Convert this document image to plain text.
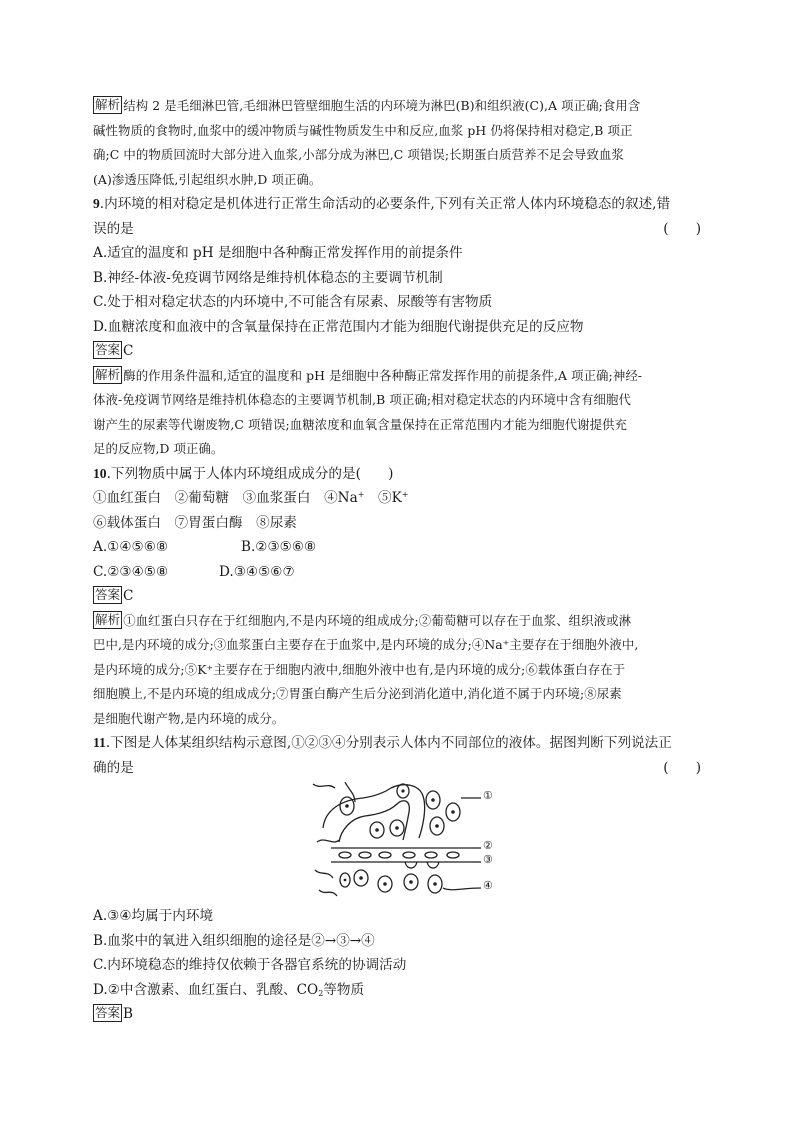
解析 结构 2 是毛细淋巴管,毛细淋巴管壁细胞生活的内环境为淋巴(B)和组织液(C),A 项正确;食用含
碱性物质的食物时,血浆中的缓冲物质与碱性物质发生中和反应,血浆 pH 仍将保持相对稳定,B 项正
确;C 中的物质回流时大部分进入血浆,小部分成为淋巴,C 项错误;长期蛋白质营养不足会导致血浆
(A)渗透压降低,引起组织水肿,D 项正确。
9.内环境的相对稳定是机体进行正常生命活动的必要条件,下列有关正常人体内环境稳态的叙述,错
误的是	(　　)
A.适宜的温度和 pH 是细胞中各种酶正常发挥作用的前提条件
B.神经-体液-免疫调节网络是维持机体稳态的主要调节机制
C.处于相对稳定状态的内环境中,不可能含有尿素、尿酸等有害物质
D.血糖浓度和血液中的含氧量保持在正常范围内才能为细胞代谢提供充足的反应物
答案 C
解析 酶的作用条件温和,适宜的温度和 pH 是细胞中各种酶正常发挥作用的前提条件,A 项正确;神经-
体液-免疫调节网络是维持机体稳态的主要调节机制,B 项正确;相对稳定状态的内环境中含有细胞代
谢产生的尿素等代谢废物,C 项错误;血糖浓度和血氧含量保持在正常范围内才能为细胞代谢提供充
足的反应物,D 项正确。
10.下列物质中属于人体内环境组成成分的是(　　)
①血红蛋白　②葡萄糖　③血浆蛋白　④Na+　⑤K+
⑥载体蛋白　⑦胃蛋白酶　⑧尿素
A.①④⑤⑥⑧	B.②③⑤⑥⑧
C.②③④⑤⑧	D.③④⑤⑥⑦
答案 C
解析 ①血红蛋白只存在于红细胞内,不是内环境的组成成分;②葡萄糖可以存在于血浆、组织液或淋
巴中,是内环境的成分;③血浆蛋白主要存在于血浆中,是内环境的成分;④Na⁺主要存在于细胞外液中,
是内环境的成分;⑤K⁺主要存在于细胞内液中,细胞外液中也有,是内环境的成分;⑥载体蛋白存在于
细胞膜上,不是内环境的组成成分;⑦胃蛋白酶产生后分泌到消化道中,消化道不属于内环境;⑧尿素
是细胞代谢产物,是内环境的成分。
11.下图是人体某组织结构示意图,①②③④分别表示人体内不同部位的液体。据图判断下列说法正
确的是	(　　)
①
②
③
④
A.③④均属于内环境
B.血浆中的氧进入组织细胞的途径是②→③→④
C.内环境稳态的维持仅依赖于各器官系统的协调活动
D.②中含激素、血红蛋白、乳酸、$CO_2$等物质
答案 B
